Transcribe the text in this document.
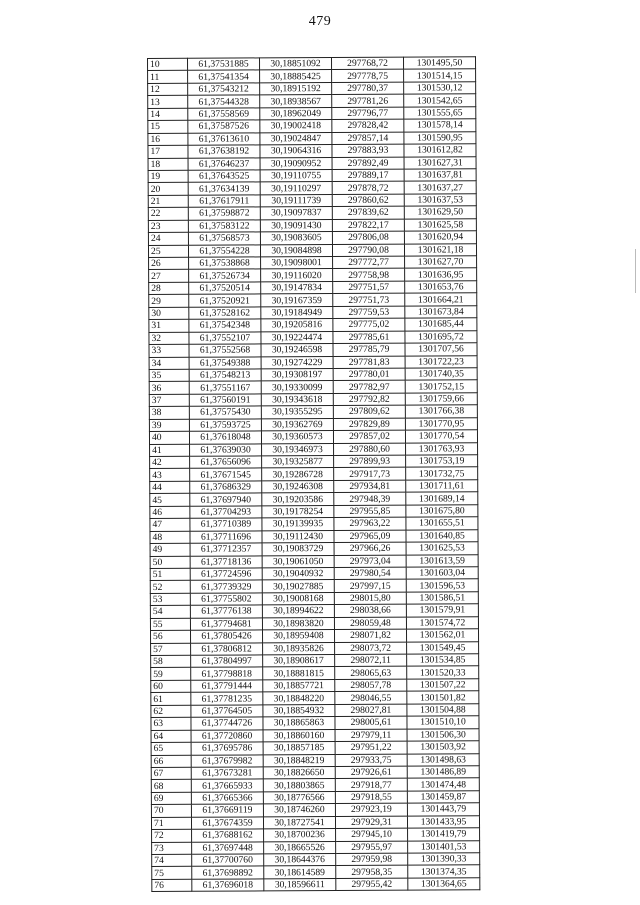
479
10	61,37531885	30,18851092	297768,72	1301495,50
11	61,37541354	30,18885425	297778,75	1301514,15
12	61,37543212	30,18915192	297780,37	1301530,12
13	61,37544328	30,18938567	297781,26	1301542,65
14	61,37558569	30,18962049	297796,77	1301555,65
15	61,37587526	30,19002418	297828,42	1301578,14
16	61,37613610	30,19024847	297857,14	1301590,95
17	61,37638192	30,19064316	297883,93	1301612,82
18	61,37646237	30,19090952	297892,49	1301627,31
19	61,37643525	30,19110755	297889,17	1301637,81
20	61,37634139	30,19110297	297878,72	1301637,27
21	61,37617911	30,19111739	297860,62	1301637,53
22	61,37598872	30,19097837	297839,62	1301629,50
23	61,37583122	30,19091430	297822,17	1301625,58
24	61,37568573	30,19083605	297806,08	1301620,94
25	61,37554228	30,19084898	297790,08	1301621,18
26	61,37538868	30,19098001	297772,77	1301627,70
27	61,37526734	30,19116020	297758,98	1301636,95
28	61,37520514	30,19147834	297751,57	1301653,76
29	61,37520921	30,19167359	297751,73	1301664,21
30	61,37528162	30,19184949	297759,53	1301673,84
31	61,37542348	30,19205816	297775,02	1301685,44
32	61,37552107	30,19224474	297785,61	1301695,72
33	61,37552568	30,19246598	297785,79	1301707,56
34	61,37549388	30,19274229	297781,83	1301722,23
35	61,37548213	30,19308197	297780,01	1301740,35
36	61,37551167	30,19330099	297782,97	1301752,15
37	61,37560191	30,19343618	297792,82	1301759,66
38	61,37575430	30,19355295	297809,62	1301766,38
39	61,37593725	30,19362769	297829,89	1301770,95
40	61,37618048	30,19360573	297857,02	1301770,54
41	61,37639030	30,19346973	297880,60	1301763,93
42	61,37656096	30,19325877	297899,93	1301753,19
43	61,37671545	30,19286728	297917,73	1301732,75
44	61,37686329	30,19246308	297934,81	1301711,61
45	61,37697940	30,19203586	297948,39	1301689,14
46	61,37704293	30,19178254	297955,85	1301675,80
47	61,37710389	30,19139935	297963,22	1301655,51
48	61,37711696	30,19112430	297965,09	1301640,85
49	61,37712357	30,19083729	297966,26	1301625,53
50	61,37718136	30,19061050	297973,04	1301613,59
51	61,37724596	30,19040932	297980,54	1301603,04
52	61,37739329	30,19027885	297997,15	1301596,53
53	61,37755802	30,19008168	298015,80	1301586,51
54	61,37776138	30,18994622	298038,66	1301579,91
55	61,37794681	30,18983820	298059,48	1301574,72
56	61,37805426	30,18959408	298071,82	1301562,01
57	61,37806812	30,18935826	298073,72	1301549,45
58	61,37804997	30,18908617	298072,11	1301534,85
59	61,37798818	30,18881815	298065,63	1301520,33
60	61,37791444	30,18857721	298057,78	1301507,22
61	61,37781235	30,18848220	298046,55	1301501,82
62	61,37764505	30,18854932	298027,81	1301504,88
63	61,37744726	30,18865863	298005,61	1301510,10
64	61,37720860	30,18860160	297979,11	1301506,30
65	61,37695786	30,18857185	297951,22	1301503,92
66	61,37679982	30,18848219	297933,75	1301498,63
67	61,37673281	30,18826650	297926,61	1301486,89
68	61,37665933	30,18803865	297918,77	1301474,48
69	61,37665366	30,18776566	297918,55	1301459,87
70	61,37669119	30,18746260	297923,19	1301443,79
71	61,37674359	30,18727541	297929,31	1301433,95
72	61,37688162	30,18700236	297945,10	1301419,79
73	61,37697448	30,18665526	297955,97	1301401,53
74	61,37700760	30,18644376	297959,98	1301390,33
75	61,37698892	30,18614589	297958,35	1301374,35
76	61,37696018	30,18596611	297955,42	1301364,65
